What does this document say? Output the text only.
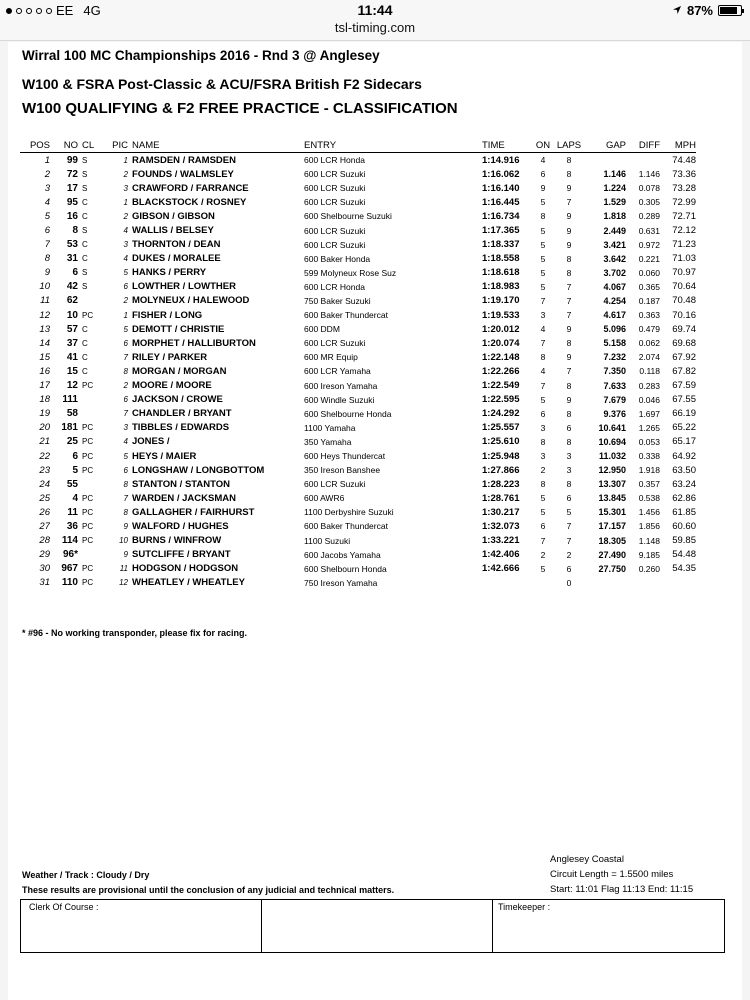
EE 4G	11:44
tsl-timing.com
87%
Wirral 100 MC Championships 2016 - Rnd 3 @ Anglesey
W100 & FSRA Post-Classic & ACU/FSRA British F2 Sidecars
W100 QUALIFYING & F2 FREE PRACTICE - CLASSIFICATION
POS	NO	CL	PIC	NAME	ENTRY	TIME	ON	LAPS	GAP	DIFF	MPH
1	99	S	1	RAMSDEN / RAMSDEN	600 LCR Honda	1:14.916	4	8			74.48
2	72	S	2	FOUNDS / WALMSLEY	600 LCR Suzuki	1:16.062	6	8	1.146	1.146	73.36
3	17	S	3	CRAWFORD / FARRANCE	600 LCR Suzuki	1:16.140	9	9	1.224	0.078	73.28
4	95	C	1	BLACKSTOCK / ROSNEY	600 LCR Suzuki	1:16.445	5	7	1.529	0.305	72.99
5	16	C	2	GIBSON / GIBSON	600 Shelbourne Suzuki	1:16.734	8	9	1.818	0.289	72.71
6	8	S	4	WALLIS / BELSEY	600 LCR Suzuki	1:17.365	5	9	2.449	0.631	72.12
7	53	C	3	THORNTON / DEAN	600 LCR Suzuki	1:18.337	5	9	3.421	0.972	71.23
8	31	C	4	DUKES / MORALEE	600 Baker Honda	1:18.558	5	8	3.642	0.221	71.03
9	6	S	5	HANKS / PERRY	599 Molyneux Rose Suz	1:18.618	5	8	3.702	0.060	70.97
10	42	S	6	LOWTHER / LOWTHER	600 LCR Honda	1:18.983	5	7	4.067	0.365	70.64
11	62		2	MOLYNEUX / HALEWOOD	750 Baker Suzuki	1:19.170	7	7	4.254	0.187	70.48
12	10	PC	1	FISHER / LONG	600 Baker Thundercat	1:19.533	3	7	4.617	0.363	70.16
13	57	C	5	DEMOTT / CHRISTIE	600 DDM	1:20.012	4	9	5.096	0.479	69.74
14	37	C	6	MORPHET / HALLIBURTON	600 LCR Suzuki	1:20.074	7	8	5.158	0.062	69.68
15	41	C	7	RILEY / PARKER	600 MR Equip	1:22.148	8	9	7.232	2.074	67.92
16	15	C	8	MORGAN / MORGAN	600 LCR Yamaha	1:22.266	4	7	7.350	0.118	67.82
17	12	PC	2	MOORE / MOORE	600 Ireson Yamaha	1:22.549	7	8	7.633	0.283	67.59
18	111		6	JACKSON / CROWE	600 Windle Suzuki	1:22.595	5	9	7.679	0.046	67.55
19	58		7	CHANDLER / BRYANT	600 Shelbourne Honda	1:24.292	6	8	9.376	1.697	66.19
20	181	PC	3	TIBBLES / EDWARDS	1100 Yamaha	1:25.557	3	6	10.641	1.265	65.22
21	25	PC	4	JONES /	350 Yamaha	1:25.610	8	8	10.694	0.053	65.17
22	6	PC	5	HEYS / MAIER	600 Heys Thundercat	1:25.948	3	3	11.032	0.338	64.92
23	5	PC	6	LONGSHAW / LONGBOTTOM	350 Ireson Banshee	1:27.866	2	3	12.950	1.918	63.50
24	55		8	STANTON / STANTON	600 LCR Suzuki	1:28.223	8	8	13.307	0.357	63.24
25	4	PC	7	WARDEN / JACKSMAN	600 AWR6	1:28.761	5	6	13.845	0.538	62.86
26	11	PC	8	GALLAGHER / FAIRHURST	1100 Derbyshire Suzuki	1:30.217	5	5	15.301	1.456	61.85
27	36	PC	9	WALFORD / HUGHES	600 Baker Thundercat	1:32.073	6	7	17.157	1.856	60.60
28	114	PC	10	BURNS / WINFROW	1100 Suzuki	1:33.221	7	7	18.305	1.148	59.85
29	96*		9	SUTCLIFFE / BRYANT	600 Jacobs Yamaha	1:42.406	2	2	27.490	9.185	54.48
30	967	PC	11	HODGSON / HODGSON	600 Shelbourn Honda	1:42.666	5	6	27.750	0.260	54.35
31	110	PC	12	WHEATLEY / WHEATLEY	750 Ireson Yamaha			0			
* #96 - No working transponder, please fix for racing.
Anglesey Coastal
Circuit Length = 1.5500 miles
Start: 11:01 Flag 11:13 End: 11:15
Weather / Track : Cloudy / Dry
These results are provisional until the conclusion of any judicial and technical matters.
Clerk Of Course :	Timekeeper :
